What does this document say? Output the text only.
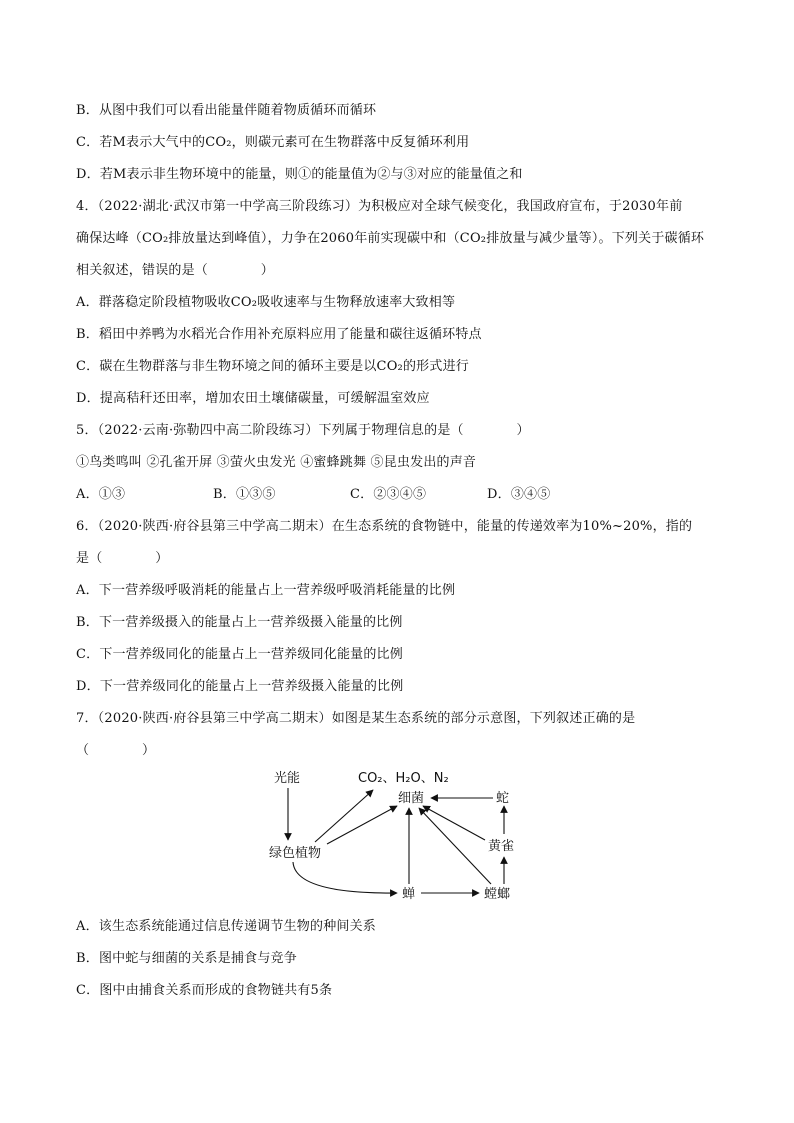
B．从图中我们可以看出能量伴随着物质循环而循环
C．若M表示大气中的CO₂，则碳元素可在生物群落中反复循环利用
D．若M表示非生物环境中的能量，则①的能量值为②与③对应的能量值之和
4．（2022·湖北·武汉市第一中学高三阶段练习）为积极应对全球气候变化，我国政府宣布，于2030年前
确保达峰（CO₂排放量达到峰值），力争在2060年前实现碳中和（CO₂排放量与减少量等）。下列关于碳循环
相关叙述，错误的是（　　　　）
A．群落稳定阶段植物吸收CO₂吸收速率与生物释放速率大致相等
B．稻田中养鸭为水稻光合作用补充原料应用了能量和碳往返循环特点
C．碳在生物群落与非生物环境之间的循环主要是以CO₂的形式进行
D．提高秸秆还田率，增加农田土壤储碳量，可缓解温室效应
5．（2022·云南·弥勒四中高二阶段练习）下列属于物理信息的是（　　　　）
①鸟类鸣叫 ②孔雀开屏 ③萤火虫发光 ④蜜蜂跳舞 ⑤昆虫发出的声音
A．①③	B．①③⑤	C．②③④⑤	D．③④⑤
6．（2020·陕西·府谷县第三中学高二期末）在生态系统的食物链中，能量的传递效率为10%~20%，指的
是（　　　　）
A．下一营养级呼吸消耗的能量占上一营养级呼吸消耗能量的比例
B．下一营养级摄入的能量占上一营养级摄入能量的比例
C．下一营养级同化的能量占上一营养级同化能量的比例
D．下一营养级同化的能量占上一营养级摄入能量的比例
7．（2020·陕西·府谷县第三中学高二期末）如图是某生态系统的部分示意图，下列叙述正确的是
（　　　　）
光能	CO₂、H₂O、N₂
细菌	蛇
绿色植物	黄雀
蝉	螳螂
A．该生态系统能通过信息传递调节生物的种间关系
B．图中蛇与细菌的关系是捕食与竞争
C．图中由捕食关系而形成的食物链共有5条
